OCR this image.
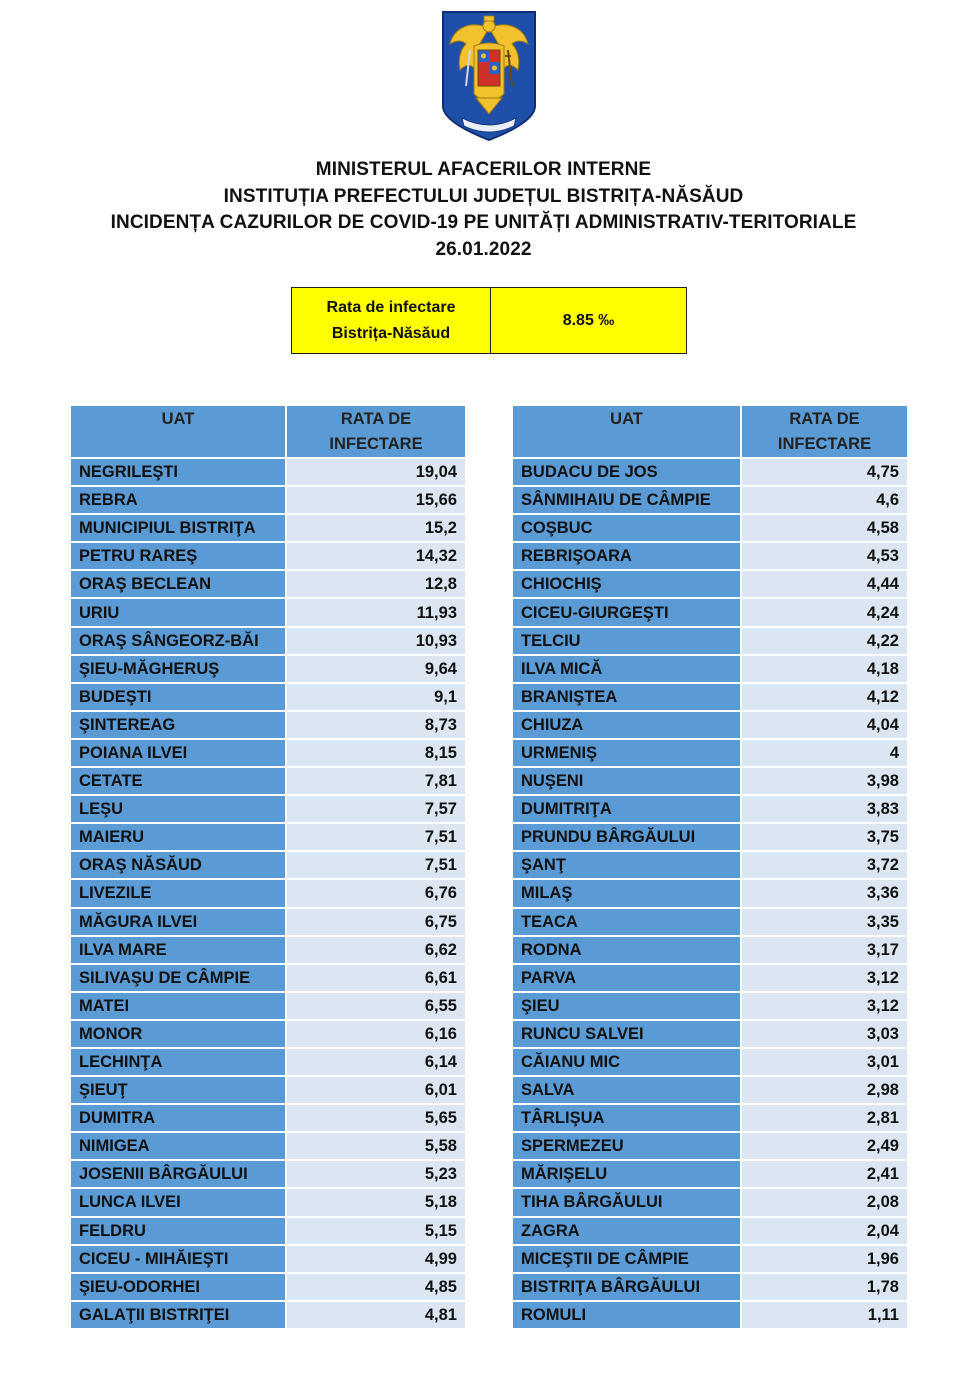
MINISTERUL AFACERILOR INTERNE
INSTITUȚIA PREFECTULUI JUDEȚUL BISTRIȚA-NĂSĂUD
INCIDENȚA CAZURILOR DE COVID-19 PE UNITĂȚI ADMINISTRATIV-TERITORIALE
26.01.2022
Rata de infectare
Bistrița-Năsăud
8.85 ‰
UAT	RATA DE
INFECTARE

NEGRILEŞTI	19,04
REBRA	15,66
MUNICIPIUL BISTRIŢA	15,2
PETRU RAREŞ	14,32
ORAŞ BECLEAN	12,8
URIU	11,93
ORAŞ SÂNGEORZ-BĂI	10,93
ŞIEU-MĂGHERUŞ	9,64
BUDEŞTI	9,1
ŞINTEREAG	8,73
POIANA ILVEI	8,15
CETATE	7,81
LEŞU	7,57
MAIERU	7,51
ORAŞ NĂSĂUD	7,51
LIVEZILE	6,76
MĂGURA ILVEI	6,75
ILVA MARE	6,62
SILIVAŞU DE CÂMPIE	6,61
MATEI	6,55
MONOR	6,16
LECHINŢA	6,14
ŞIEUŢ	6,01
DUMITRA	5,65
NIMIGEA	5,58
JOSENII BÂRGĂULUI	5,23
LUNCA ILVEI	5,18
FELDRU	5,15
CICEU - MIHĂIEŞTI	4,99
ŞIEU-ODORHEI	4,85
GALAŢII BISTRIŢEI	4,81
UAT	RATA DE
INFECTARE

BUDACU DE JOS	4,75
SÂNMIHAIU DE CÂMPIE	4,6
COŞBUC	4,58
REBRIŞOARA	4,53
CHIOCHIŞ	4,44
CICEU-GIURGEŞTI	4,24
TELCIU	4,22
ILVA MICĂ	4,18
BRANIŞTEA	4,12
CHIUZA	4,04
URMENIŞ	4
NUŞENI	3,98
DUMITRIŢA	3,83
PRUNDU BÂRGĂULUI	3,75
ŞANŢ	3,72
MILAŞ	3,36
TEACA	3,35
RODNA	3,17
PARVA	3,12
ŞIEU	3,12
RUNCU SALVEI	3,03
CĂIANU MIC	3,01
SALVA	2,98
TÂRLIŞUA	2,81
SPERMEZEU	2,49
MĂRIŞELU	2,41
TIHA BÂRGĂULUI	2,08
ZAGRA	2,04
MICEŞTII DE CÂMPIE	1,96
BISTRIŢA BÂRGĂULUI	1,78
ROMULI	1,11
